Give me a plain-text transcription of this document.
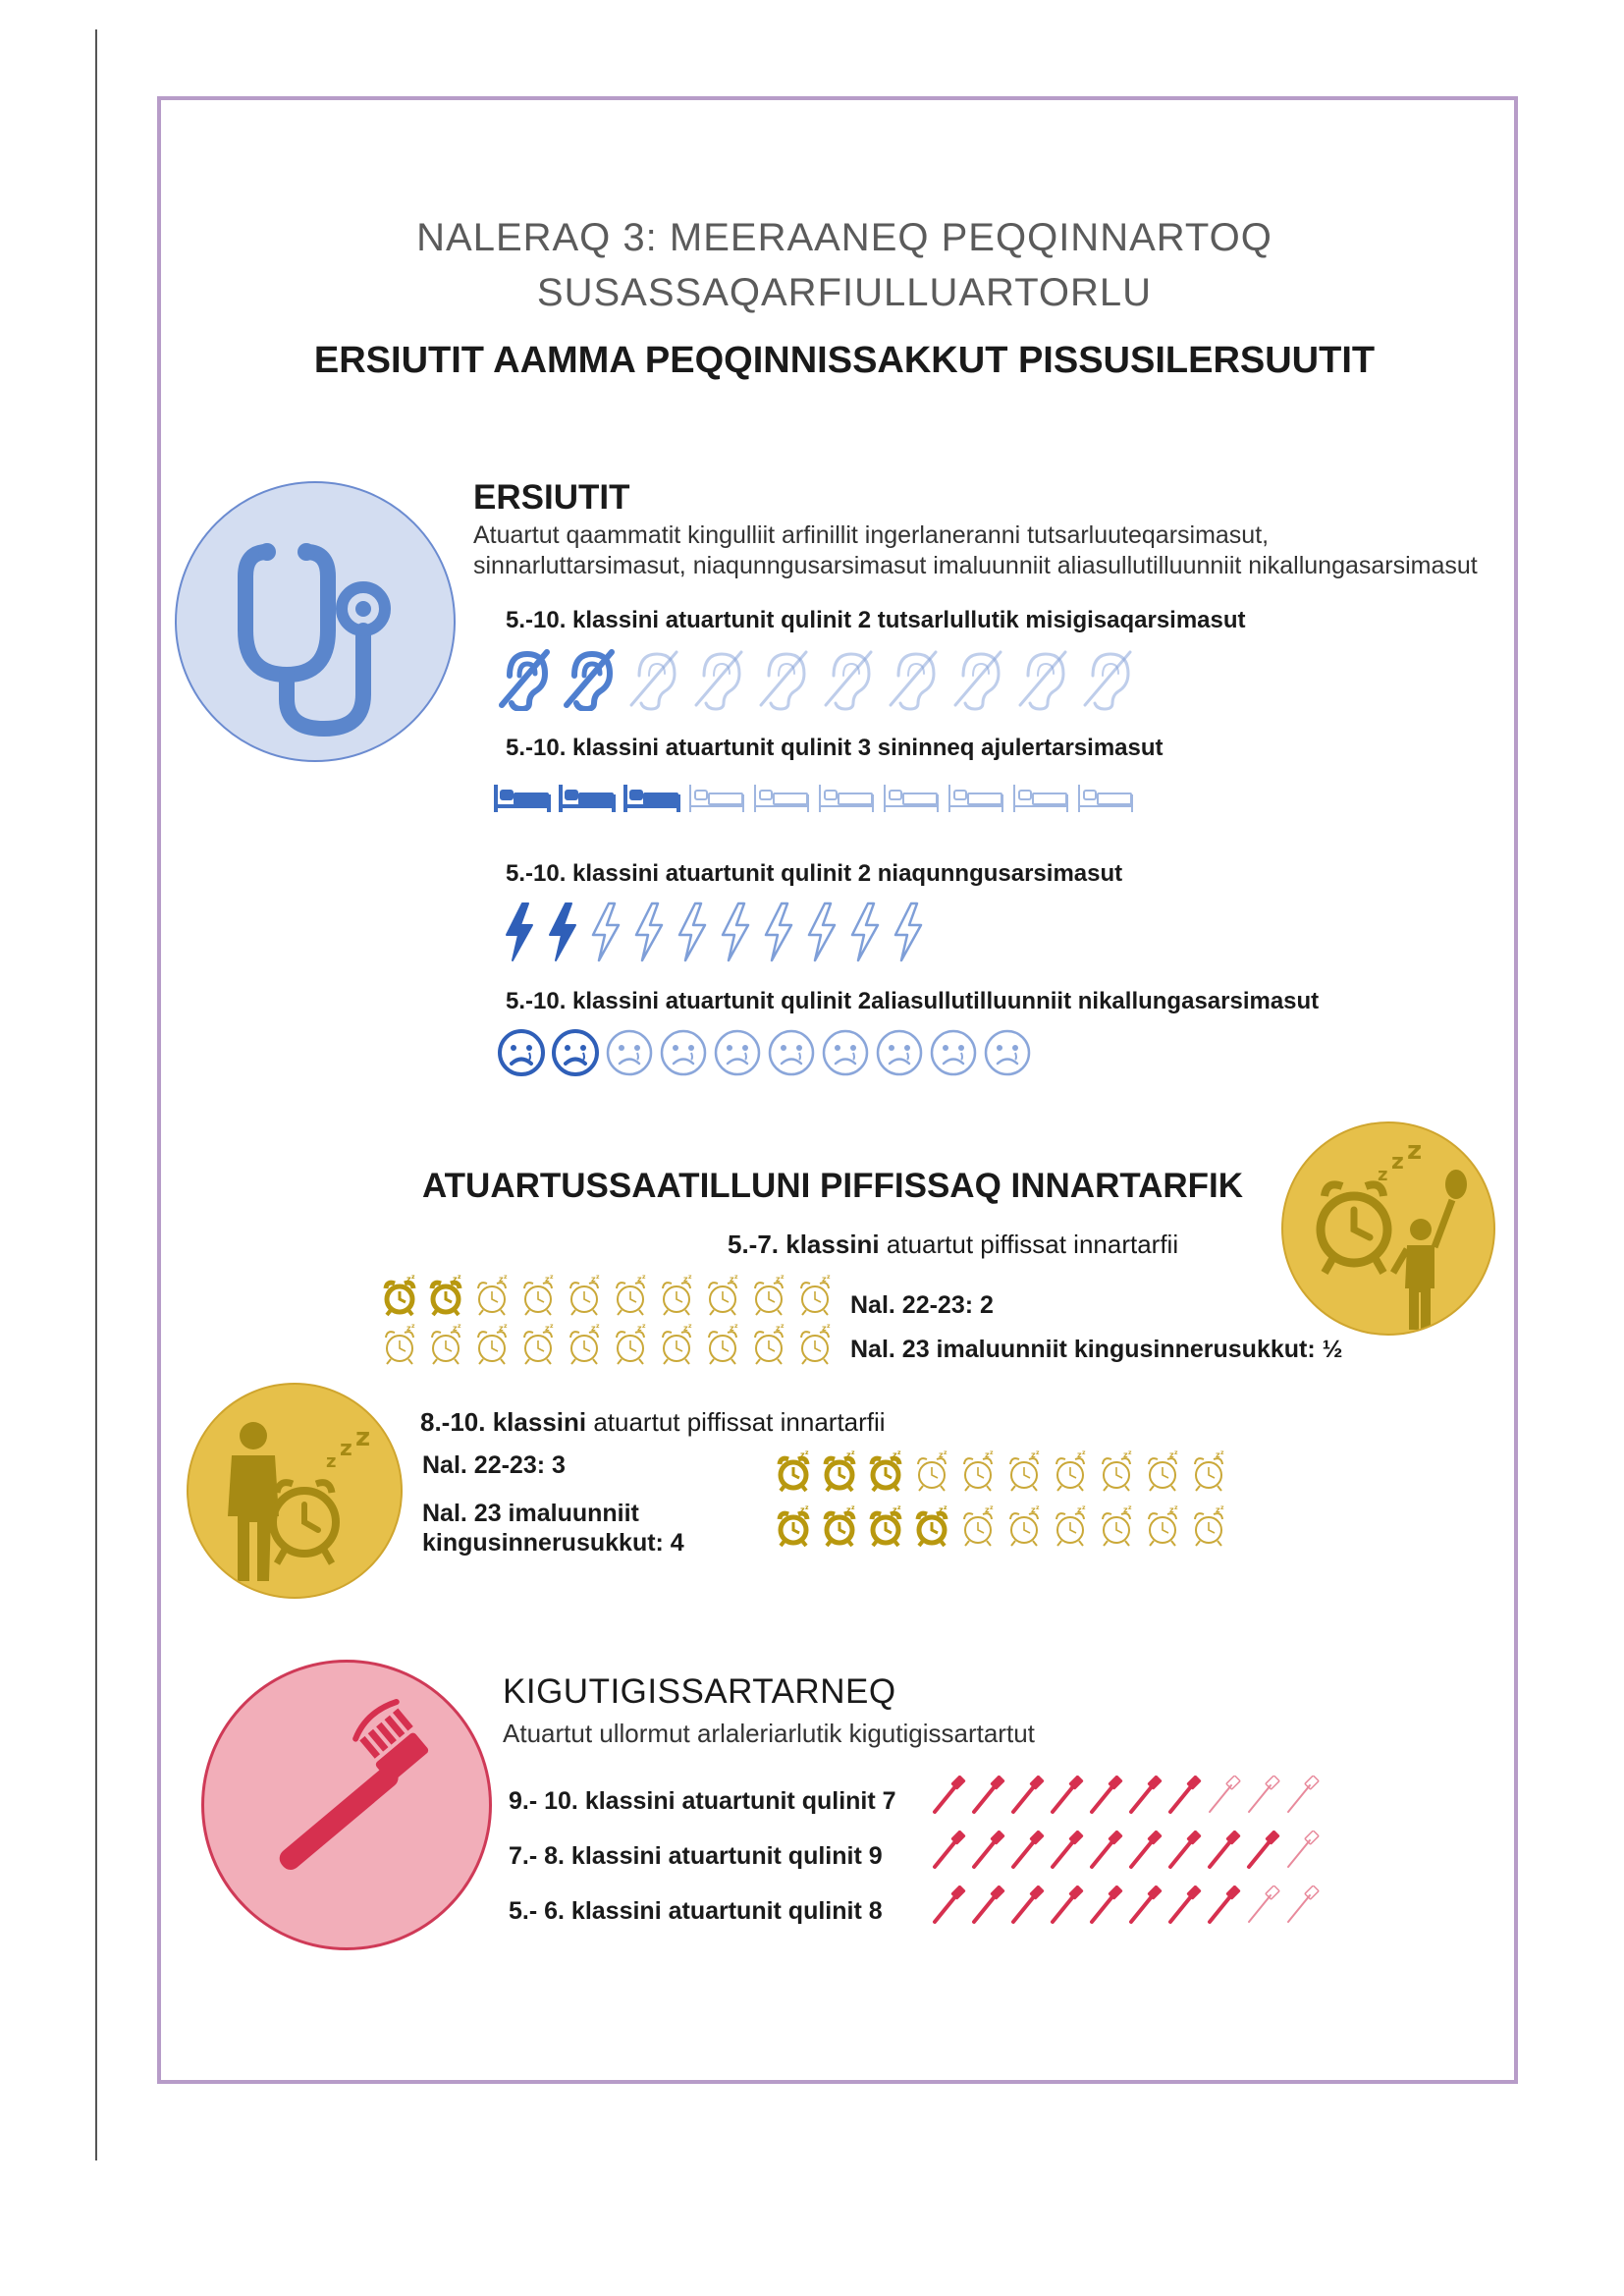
NALERAQ 3: MEERAANEQ PEQQINNARTOQ
SUSASSAQARFIULLUARTORLU
ERSIUTIT AAMMA PEQQINNISSAKKUT PISSUSILERSUUTIT
ERSIUTIT
Atuartut qaammatit kingulliit arfinillit ingerlaneranni tutsarluuteqarsimasut,
sinnarluttarsimasut, niaqunngusarsimasut imaluunniit aliasullutilluunniit nikallungasarsimasut
5.-10. klassini atuartunit qulinit 2 tutsarlullutik misigisaqarsimasut
5.-10. klassini atuartunit qulinit 3 sininneq ajulertarsimasut
5.-10. klassini atuartunit qulinit 2 niaqunngusarsimasut
5.-10. klassini atuartunit qulinit 2aliasullutilluunniit nikallungasarsimasut
ATUARTUSSAATILLUNI PIFFISSAQ INNARTARFIK	z
z z
5.-7. klassini atuartut piffissat innartarfii
z z	z z	z z	z z	z z	z z	z z	z z	z z	z z
z z	z z	z z	z z	z z	z z	z z	z z	z z	z z
Nal. 22-23: 2
Nal. 23 imaluunniit kingusinnerusukkut: ½
z
z z
8.-10. klassini atuartut piffissat innartarfii
Nal. 22-23: 3
Nal. 23 imaluunniit
kingusinnerusukkut: 4
z z	z z	z z	z z	z z	z z	z z	z z	z z	z z
z z	z z	z z	z z	z z	z z	z z	z z	z z	z z
KIGUTIGISSARTARNEQ
Atuartut ullormut arlaleriarlutik kigutigissartartut
9.- 10. klassini atuartunit qulinit 7
7.- 8. klassini atuartunit qulinit 9
5.- 6. klassini atuartunit qulinit 8
